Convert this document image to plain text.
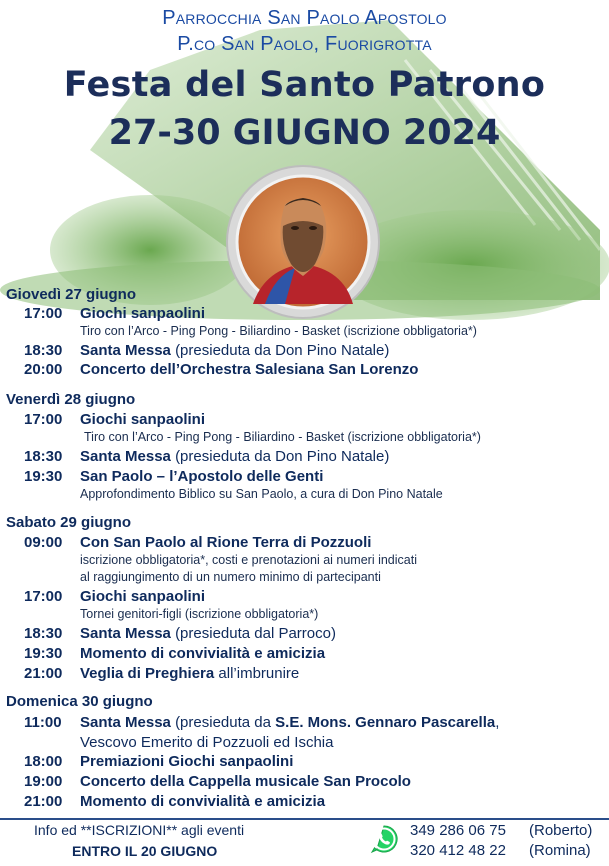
Parrocchia San Paolo Apostolo
P.co San Paolo, Fuorigrotta
Festa del Santo Patrono
27-30 GIUGNO 2024
Giovedì 27 giugno
17:00 Giochi sanpaolini
Tiro con l’Arco - Ping Pong - Biliardino - Basket (iscrizione obbligatoria*)
18:30 Santa Messa (presieduta da Don Pino Natale)
20:00 Concerto dell’Orchestra Salesiana San Lorenzo
Venerdì 28 giugno
17:00 Giochi sanpaolini
Tiro con l’Arco - Ping Pong - Biliardino - Basket (iscrizione obbligatoria*)
18:30 Santa Messa (presieduta da Don Pino Natale)
19:30 San Paolo – l’Apostolo delle Genti
Approfondimento Biblico su San Paolo, a cura di Don Pino Natale
Sabato 29 giugno
09:00 Con San Paolo al Rione Terra di Pozzuoli
iscrizione obbligatoria*, costi e prenotazioni ai numeri indicati
al raggiungimento di un numero minimo di partecipanti
17:00 Giochi sanpaolini
Tornei genitori-figli (iscrizione obbligatoria*)
18:30 Santa Messa (presieduta dal Parroco)
19:30 Momento di convivialità e amicizia
21:00 Veglia di Preghiera all’imbrunire
Domenica 30 giugno
11:00 Santa Messa (presieduta da S.E. Mons. Gennaro Pascarella,
Vescovo Emerito di Pozzuoli ed Ischia
18:00 Premiazioni Giochi sanpaolini
19:00 Concerto della Cappella musicale San Procolo
21:00 Momento di convivialità e amicizia
Info ed **ISCRIZIONI** agli eventi
ENTRO IL 20 GIUGNO
349 286 06 75 (Roberto)
320 412 48 22 (Romina)
